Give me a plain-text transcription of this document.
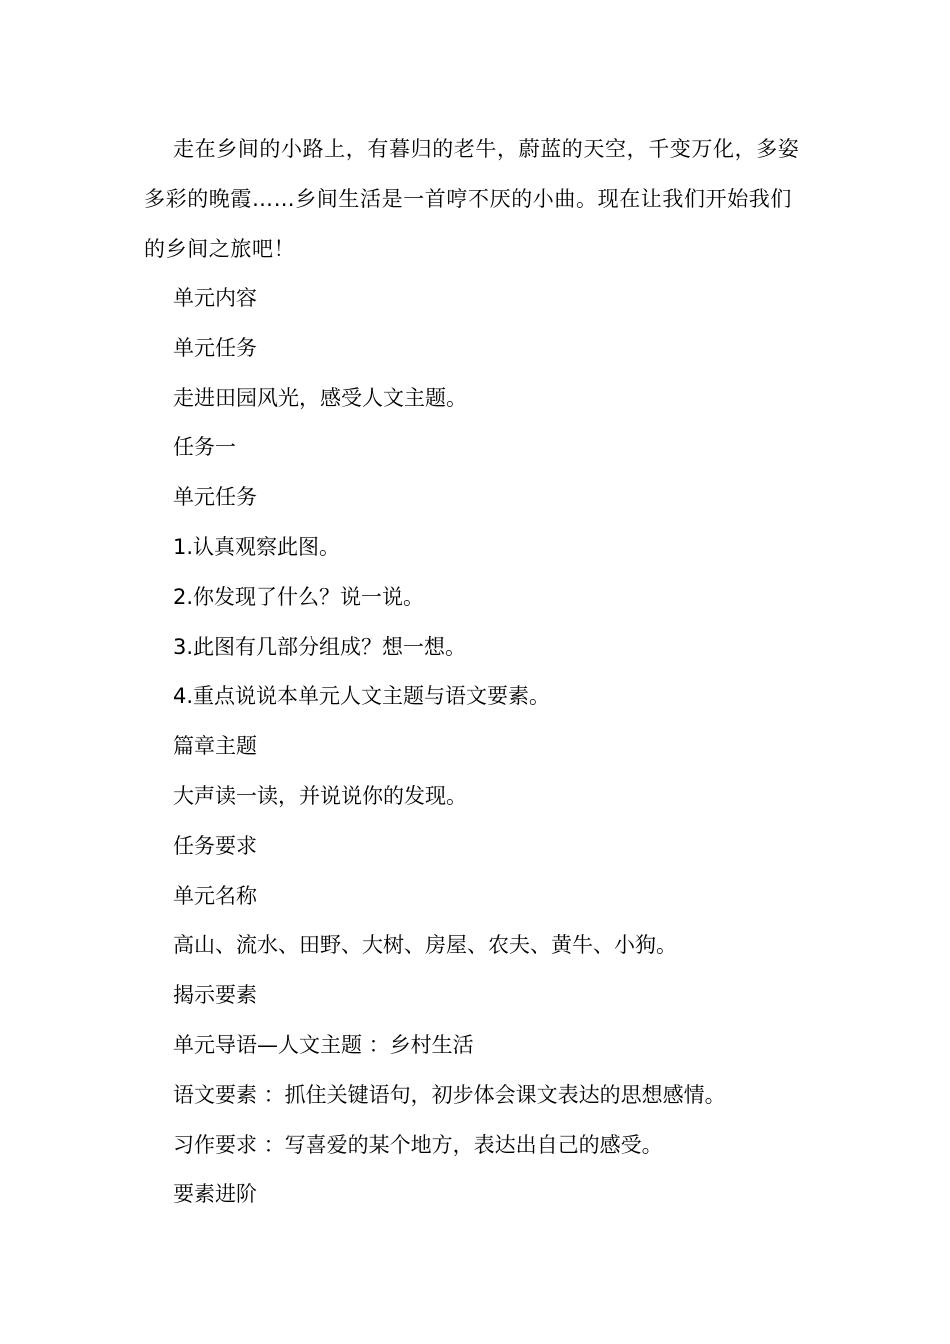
走在乡间的小路上，有暮归的老牛，蔚蓝的天空，千变万化，多姿多彩的晚霞……乡间生活是一首哼不厌的小曲。现在让我们开始我们的乡间之旅吧！

单元内容

单元任务

走进田园风光，感受人文主题。

任务一

单元任务

1.认真观察此图。

2.你发现了什么？说一说。

3.此图有几部分组成？想一想。

4.重点说说本单元人文主题与语文要素。

篇章主题

大声读一读，并说说你的发现。

任务要求

单元名称

高山、流水、田野、大树、房屋、农夫、黄牛、小狗。

揭示要素

单元导语—人文主题 ：乡村生活

语文要素 ：抓住关键语句，初步体会课文表达的思想感情。

习作要求 ：写喜爱的某个地方，表达出自己的感受。

要素进阶
